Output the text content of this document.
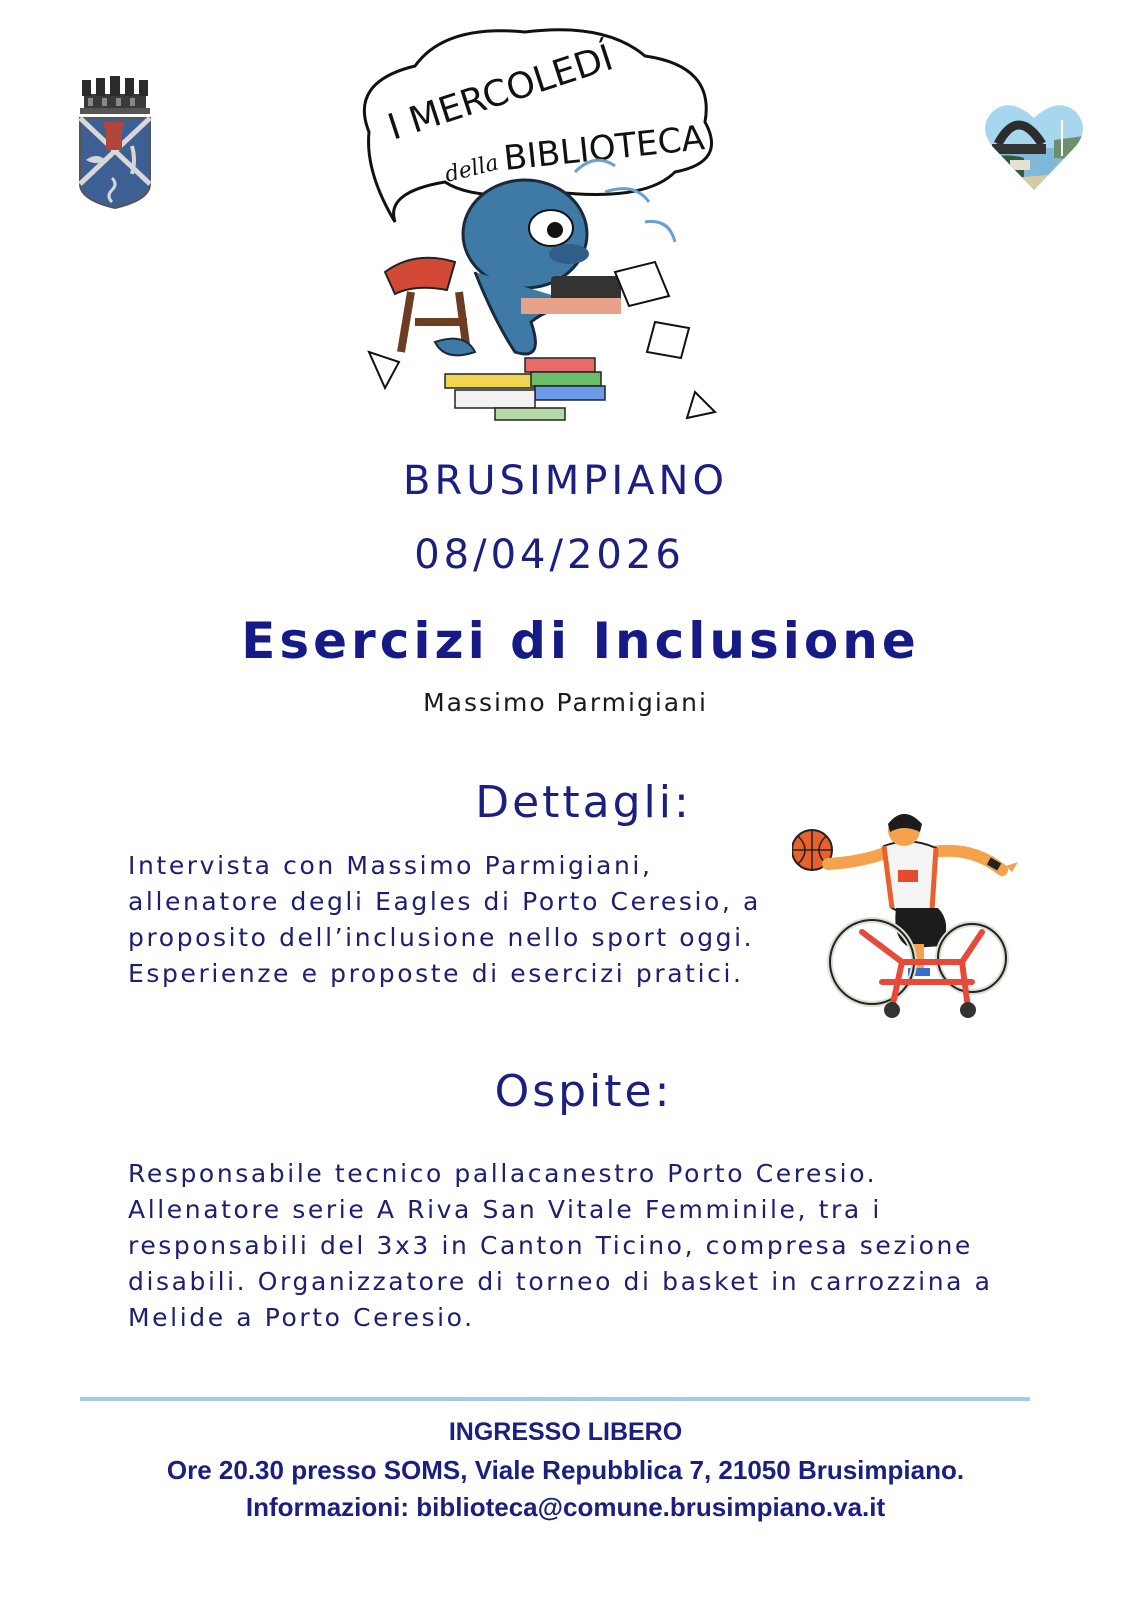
I MERCOLEDÍ
della BIBLIOTECA
BRUSIMPIANO
08/04/2026
Esercizi di Inclusione
Massimo Parmigiani
Dettagli:

Intervista con Massimo Parmigiani,
allenatore degli Eagles di Porto Ceresio, a
proposito dell’inclusione nello sport oggi.
Esperienze e proposte di esercizi pratici.

Ospite:

Responsabile tecnico pallacanestro Porto Ceresio.
Allenatore serie A Riva San Vitale Femminile, tra i
responsabili del 3x3 in Canton Ticino, compresa sezione
disabili. Organizzatore di torneo di basket in carrozzina a
Melide a Porto Ceresio.

INGRESSO LIBERO
Ore 20.30 presso SOMS, Viale Repubblica 7, 21050 Brusimpiano.
Informazioni: biblioteca@comune.brusimpiano.va.it
